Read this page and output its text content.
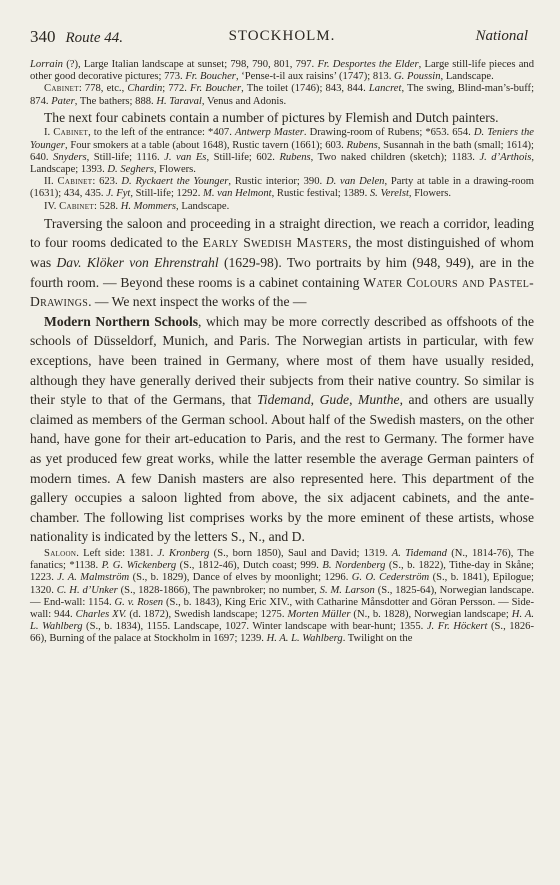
340 Route 44.	STOCKHOLM.	National

Lorrain (?), Large Italian landscape at sunset; 798, 790, 801, 797. Fr. Desportes the Elder, Large still-life pieces and other good decorative pictures; 773. Fr. Boucher, ‘Pense-t-il aux raisins’ (1747); 813. G. Poussin, Landscape.

Cabinet: 778, etc., Chardin; 772. Fr. Boucher, The toilet (1746); 843, 844. Lancret, The swing, Blind-man’s-buff; 874. Pater, The bathers; 888. H. Taraval, Venus and Adonis.

The next four cabinets contain a number of pictures by Flemish and Dutch painters.

I. Cabinet, to the left of the entrance: *407. Antwerp Master. Drawing-room of Rubens; *653. 654. D. Teniers the Younger, Four smokers at a table (about 1648), Rustic tavern (1661); 603. Rubens, Susannah in the bath (small; 1614); 640. Snyders, Still-life; 1116. J. van Es, Still-life; 602. Rubens, Two naked children (sketch); 1183. J. d’Arthois, Landscape; 1393. D. Seghers, Flowers.

II. Cabinet: 623. D. Ryckaert the Younger, Rustic interior; 390. D. van Delen, Party at table in a drawing-room (1631); 434, 435. J. Fyt, Still-life; 1292. M. van Helmont, Rustic festival; 1389. S. Verelst, Flowers.

IV. Cabinet: 528. H. Mommers, Landscape.

Traversing the saloon and proceeding in a straight direction, we reach a corridor, leading to four rooms dedicated to the Early Swedish Masters, the most distinguished of whom was Dav. Klöker von Ehrenstrahl (1629-98). Two portraits by him (948, 949), are in the fourth room. — Beyond these rooms is a cabinet containing Water Colours and Pastel-Drawings. — We next inspect the works of the —

Modern Northern Schools, which may be more correctly described as offshoots of the schools of Düsseldorf, Munich, and Paris. The Norwegian artists in particular, with few exceptions, have been trained in Germany, where most of them have usually resided, although they have generally derived their subjects from their native country. So similar is their style to that of the Germans, that Tidemand, Gude, Munthe, and others are usually claimed as members of the German school. About half of the Swedish masters, on the other hand, have gone for their art-education to Paris, and the rest to Germany. The former have as yet produced few great works, while the latter resemble the average German painters of modern times. A few Danish masters are also represented here. This department of the gallery occupies a saloon lighted from above, the six adjacent cabinets, and the ante-chamber. The following list comprises works by the more eminent of these artists, whose nationality is indicated by the letters S., N., and D.

Saloon. Left side: 1381. J. Kronberg (S., born 1850), Saul and David; 1319. A. Tidemand (N., 1814-76), The fanatics; *1138. P. G. Wickenberg (S., 1812-46), Dutch coast; 999. B. Nordenberg (S., b. 1822), Tithe-day in Skåne; 1223. J. A. Malmström (S., b. 1829), Dance of elves by moonlight; 1296. G. O. Cederström (S., b. 1841), Epilogue; 1320. C. H. d’Unker (S., 1828-1866), The pawnbroker; no number, S. M. Larson (S., 1825-64), Norwegian landscape. — End-wall: 1154. G. v. Rosen (S., b. 1843), King Eric XIV., with Catharine Månsdotter and Göran Persson. — Side-wall: 944. Charles XV. (d. 1872), Swedish landscape; 1275. Morten Müller (N., b. 1828), Norwegian landscape; H. A. L. Wahlberg (S., b. 1834), 1155. Landscape, 1027. Winter landscape with bear-hunt; 1355. J. Fr. Höckert (S., 1826-66), Burning of the palace at Stockholm in 1697; 1239. H. A. L. Wahlberg. Twilight on the
